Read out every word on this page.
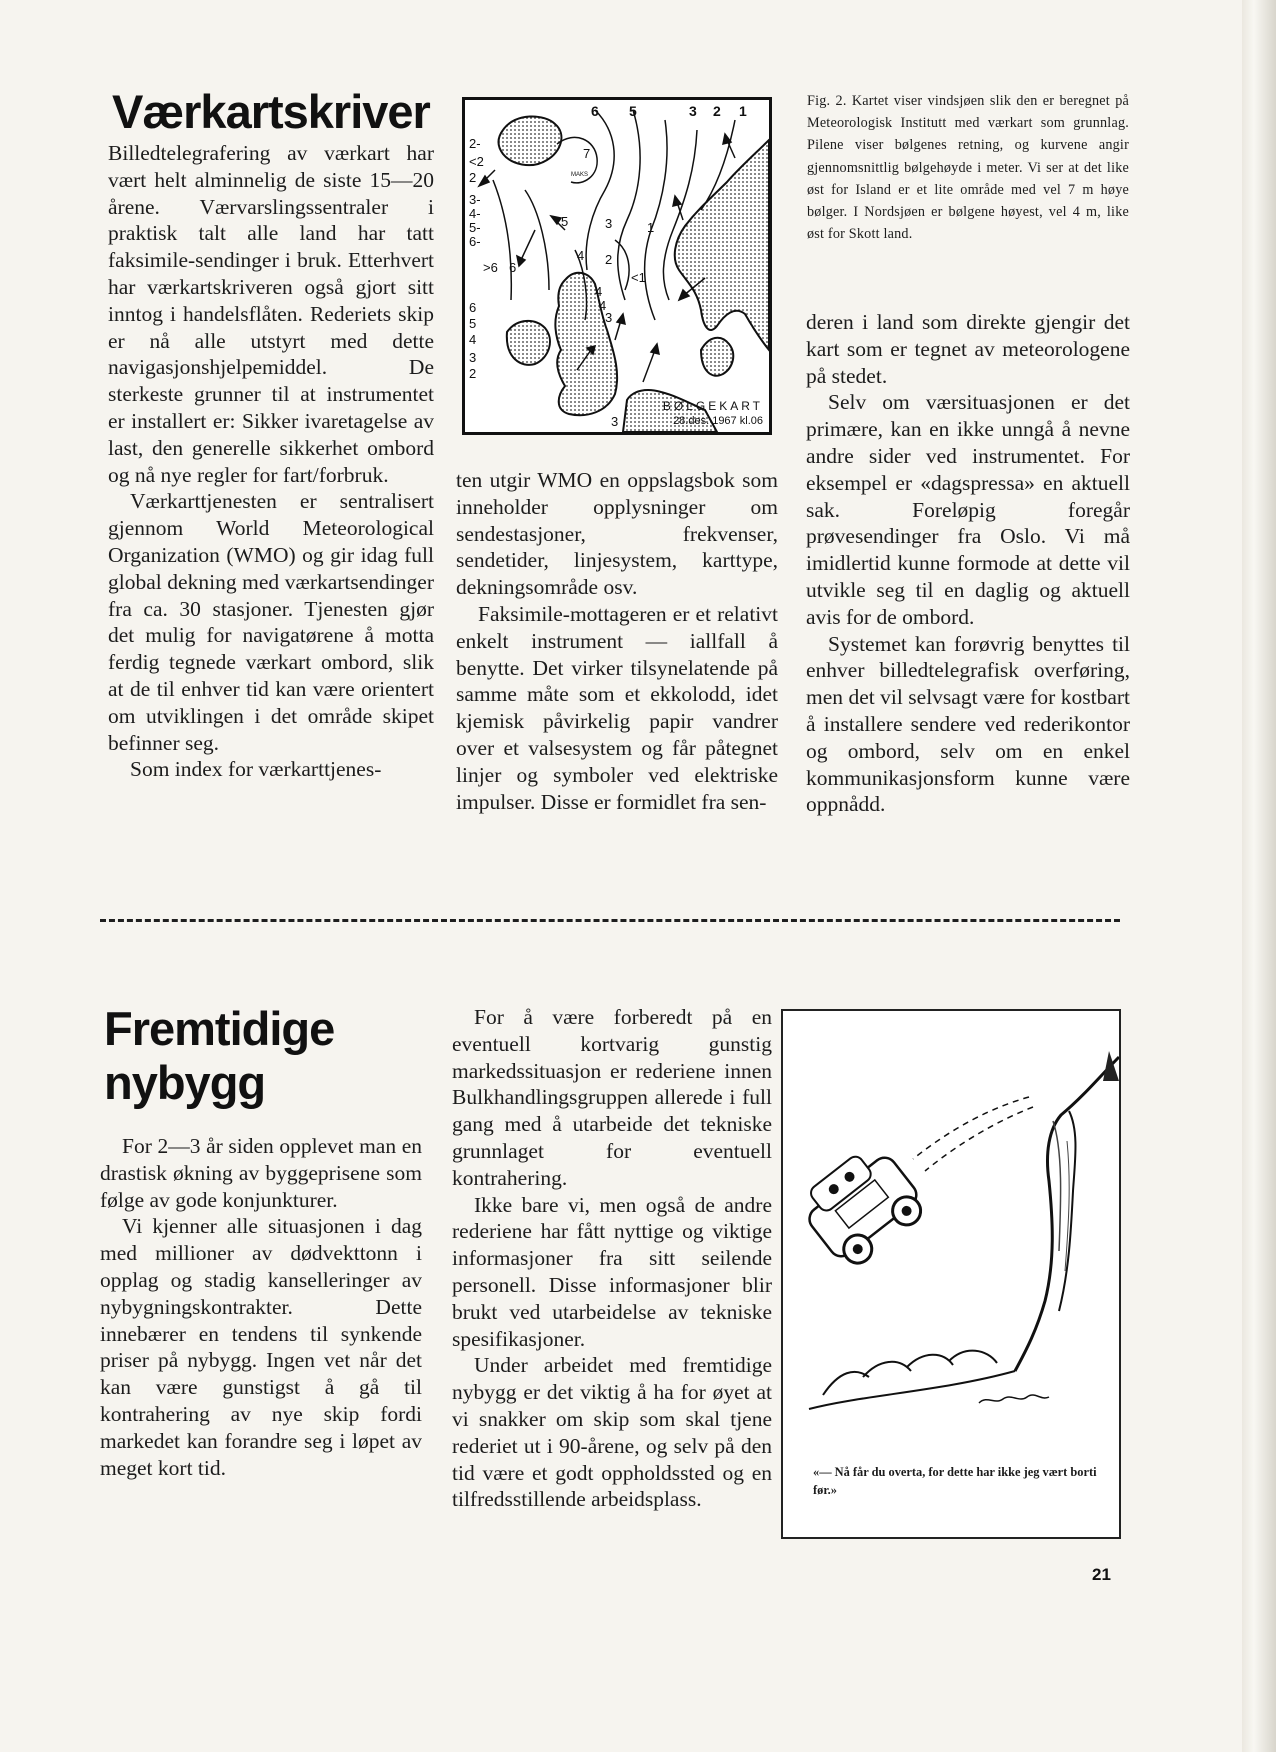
Værkartskriver

Billedtelegrafering av værkart har vært helt alminnelig de siste 15—20 årene. Værvarslingssentraler i praktisk talt alle land har tatt faksimile-sendinger i bruk. Etterhvert har værkartskriveren også gjort sitt inntog i handelsflåten. Rederiets skip er nå alle utstyrt med dette navigasjonshjelpemiddel. De sterkeste grunner til at instrumentet er installert er: Sikker ivaretagelse av last, den generelle sikkerhet ombord og nå nye regler for fart/forbruk.

Værkarttjenesten er sentralisert gjennom World Meteorological Organization (WMO) og gir idag full global dekning med værkartsendinger fra ca. 30 stasjoner. Tjenesten gjør det mulig for navigatørene å motta ferdig tegnede værkart ombord, slik at de til enhver tid kan være orientert om utviklingen i det område skipet befinner seg.

Som index for værkarttjenes-

6 5	3 2 1
2-
<2
2
3-
4-
5-
6-
6
5
4
3
2
7
MAKS
>6 6
5	3
4 2
1
<1
4
3
4
3
BØLGEKART
28.des. 1967 kl.06

ten utgir WMO en oppslagsbok som inneholder opplysninger om sendestasjoner, frekvenser, sendetider, linjesystem, karttype, dekningsområde osv.

Faksimile-mottageren er et relativt enkelt instrument — iallfall å benytte. Det virker tilsynelatende på samme måte som et ekkolodd, idet kjemisk påvirkelig papir vandrer over et valsesystem og får påtegnet linjer og symboler ved elektriske impulser. Disse er formidlet fra sen-

Fig. 2. Kartet viser vindsjøen slik den er beregnet på Meteorologisk Institutt med værkart som grunnlag. Pilene viser bølgenes retning, og kurvene angir gjennomsnittlig bølgehøyde i meter. Vi ser at det like øst for Island er et lite område med vel 7 m høye bølger. I Nordsjøen er bølgene høyest, vel 4 m, like øst for Skott land.

deren i land som direkte gjengir det kart som er tegnet av meteorologene på stedet.

Selv om værsituasjonen er det primære, kan en ikke unngå å nevne andre sider ved instrumentet. For eksempel er «dagspressa» en aktuell sak. Foreløpig foregår prøvesendinger fra Oslo. Vi må imidlertid kunne formode at dette vil utvikle seg til en daglig og aktuell avis for de ombord.

Systemet kan forøvrig benyttes til enhver billedtelegrafisk overføring, men det vil selvsagt være for kostbart å installere sendere ved rederikontor og ombord, selv om en enkel kommunikasjonsform kunne være oppnådd.

Fremtidige
nybygg

For 2—3 år siden opplevet man en drastisk økning av byggeprisene som følge av gode konjunkturer.

Vi kjenner alle situasjonen i dag med millioner av dødvekttonn i opplag og stadig kanselleringer av nybygningskontrakter. Dette innebærer en tendens til synkende priser på nybygg. Ingen vet når det kan være gunstigst å gå til kontrahering av nye skip fordi markedet kan forandre seg i løpet av meget kort tid.

For å være forberedt på en eventuell kortvarig gunstig markedssituasjon er rederiene innen Bulkhandlingsgruppen allerede i full gang med å utarbeide det tekniske grunnlaget for eventuell kontrahering.

Ikke bare vi, men også de andre rederiene har fått nyttige og viktige informasjoner fra sitt seilende personell. Disse informasjoner blir brukt ved utarbeidelse av tekniske spesifikasjoner.

Under arbeidet med fremtidige nybygg er det viktig å ha for øyet at vi snakker om skip som skal tjene rederiet ut i 90-årene, og selv på den tid være et godt oppholdssted og en tilfredsstillende arbeidsplass.

«— Nå får du overta, for dette har ikke jeg vært borti før.»
21
